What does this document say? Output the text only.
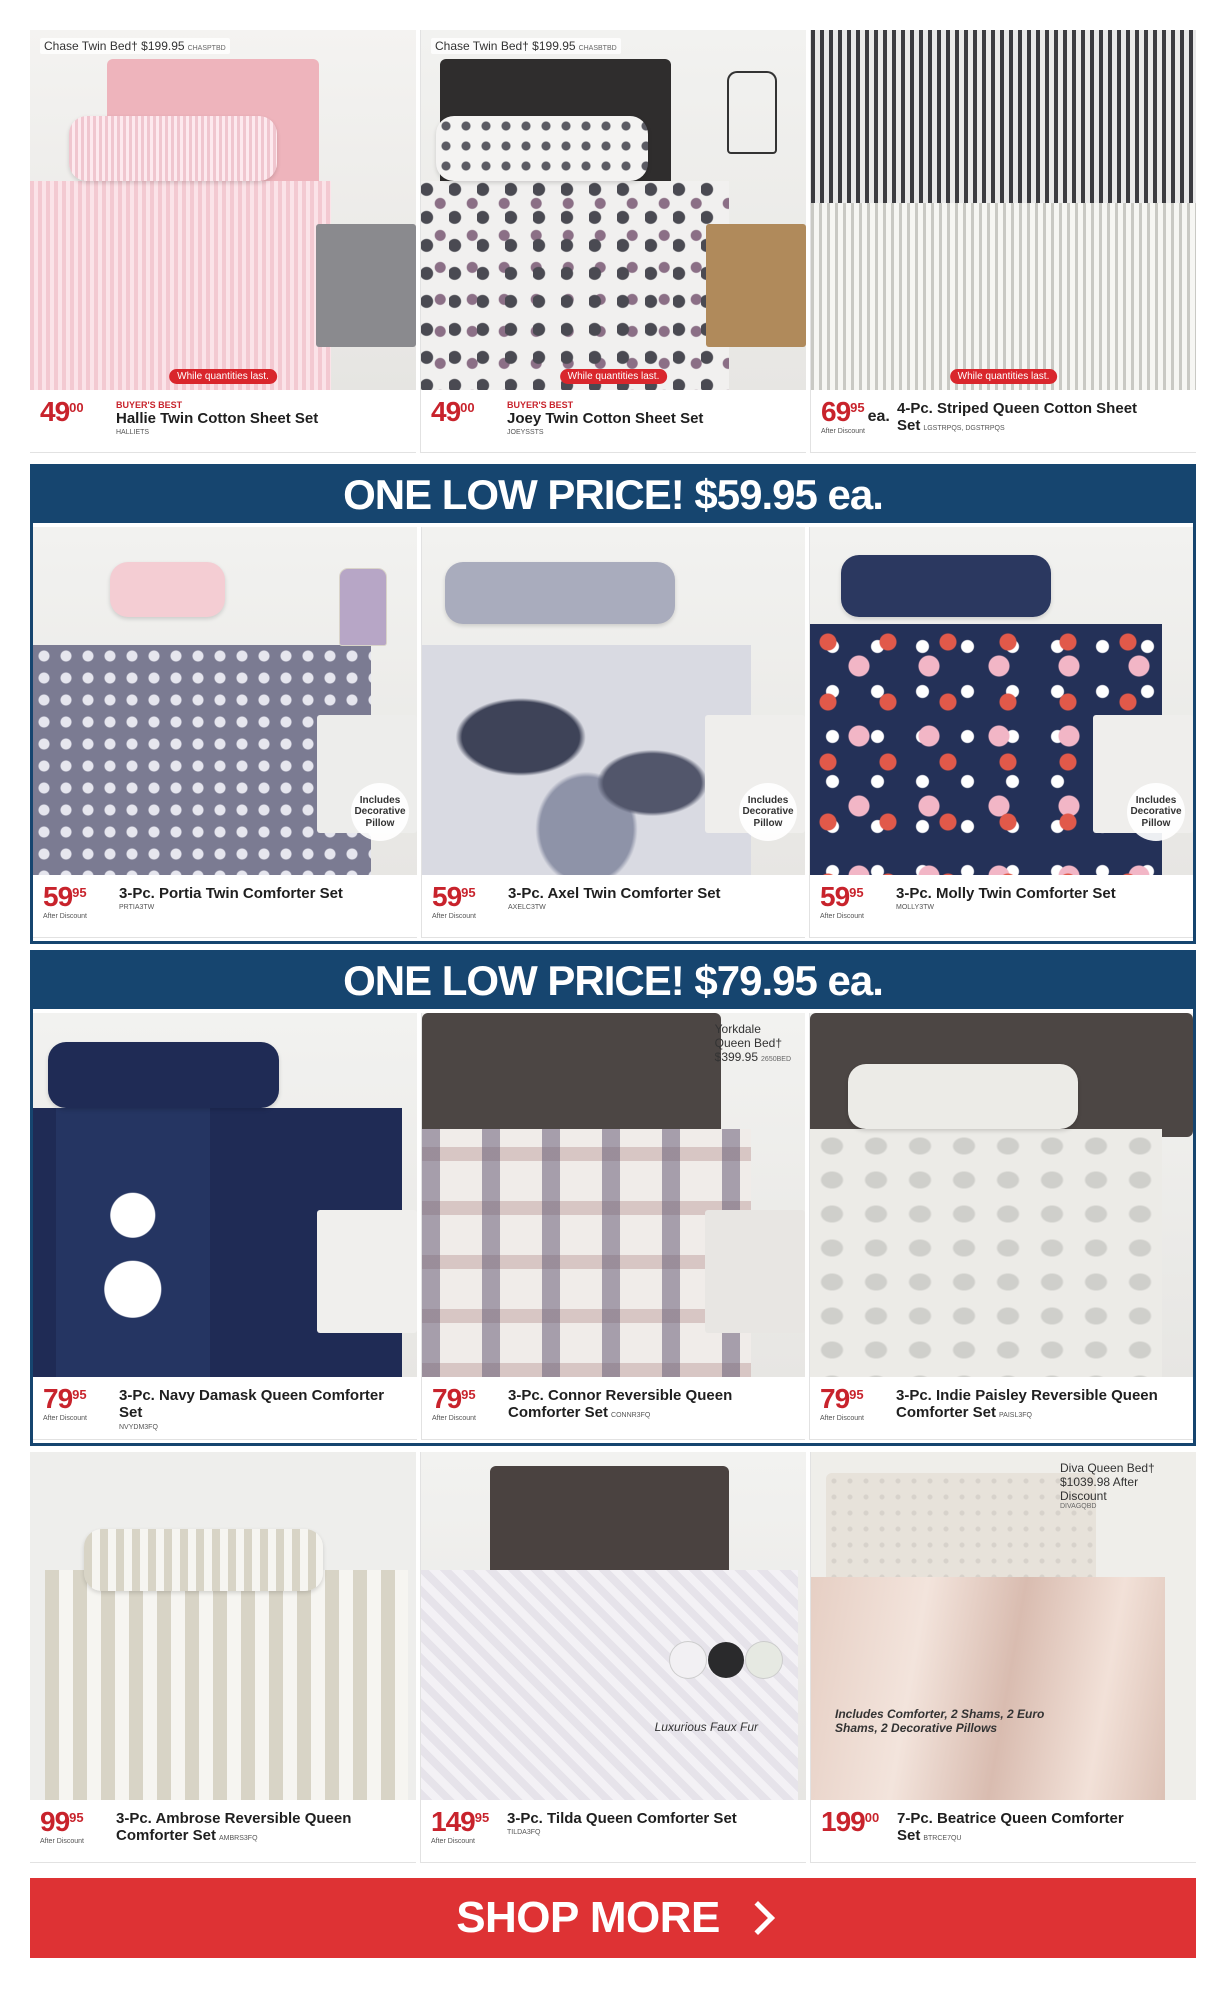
Chase Twin Bed† $199.95 CHASPTBD
While quantities last.
$49^{00}$	BUYER'S BEST
Hallie Twin Cotton Sheet Set
HALLIETS
Chase Twin Bed† $199.95 CHASBTBD
While quantities last.
$49^{00}$	BUYER'S BEST
Joey Twin Cotton Sheet Set
JOEYSSTS
While quantities last.
$69^{95}ea$.
After Discount
4-Pc. Striped Queen Cotton Sheet Set LGSTRPQS, DGSTRPQS
ONE LOW PRICE! $59.95 ea.
Includes Decorative Pillow
$59^{95}$
After Discount
3-Pc. Portia Twin Comforter Set
PRTIA3TW
Includes Decorative Pillow
$59^{95}$
After Discount
3-Pc. Axel Twin Comforter Set
AXELC3TW
Includes Decorative Pillow
$59^{95}$
After Discount
3-Pc. Molly Twin Comforter Set
MOLLY3TW
ONE LOW PRICE! $79.95 ea.
$79^{95}$
After Discount
3-Pc. Navy Damask Queen Comforter Set
NVYDM3FQ
Yorkdale
Queen Bed†
$399.95 2650BED
$79^{95}$
After Discount
3-Pc. Connor Reversible Queen Comforter Set CONNR3FQ
$79^{95}$
After Discount
3-Pc. Indie Paisley Reversible Queen Comforter Set PAISL3FQ
$99^{95}$
After Discount
3-Pc. Ambrose Reversible Queen Comforter Set AMBRS3FQ
Luxurious Faux Fur
$149^{95}$
After Discount
3-Pc. Tilda Queen Comforter Set
TILDA3FQ
Diva Queen Bed†
$1039.98 After Discount
DIVAGQBD
Includes Comforter, 2 Shams, 2 Euro Shams, 2 Decorative Pillows
$199^{00}$	7-Pc. Beatrice Queen Comforter Set BTRCE7QU
SHOP MORE
